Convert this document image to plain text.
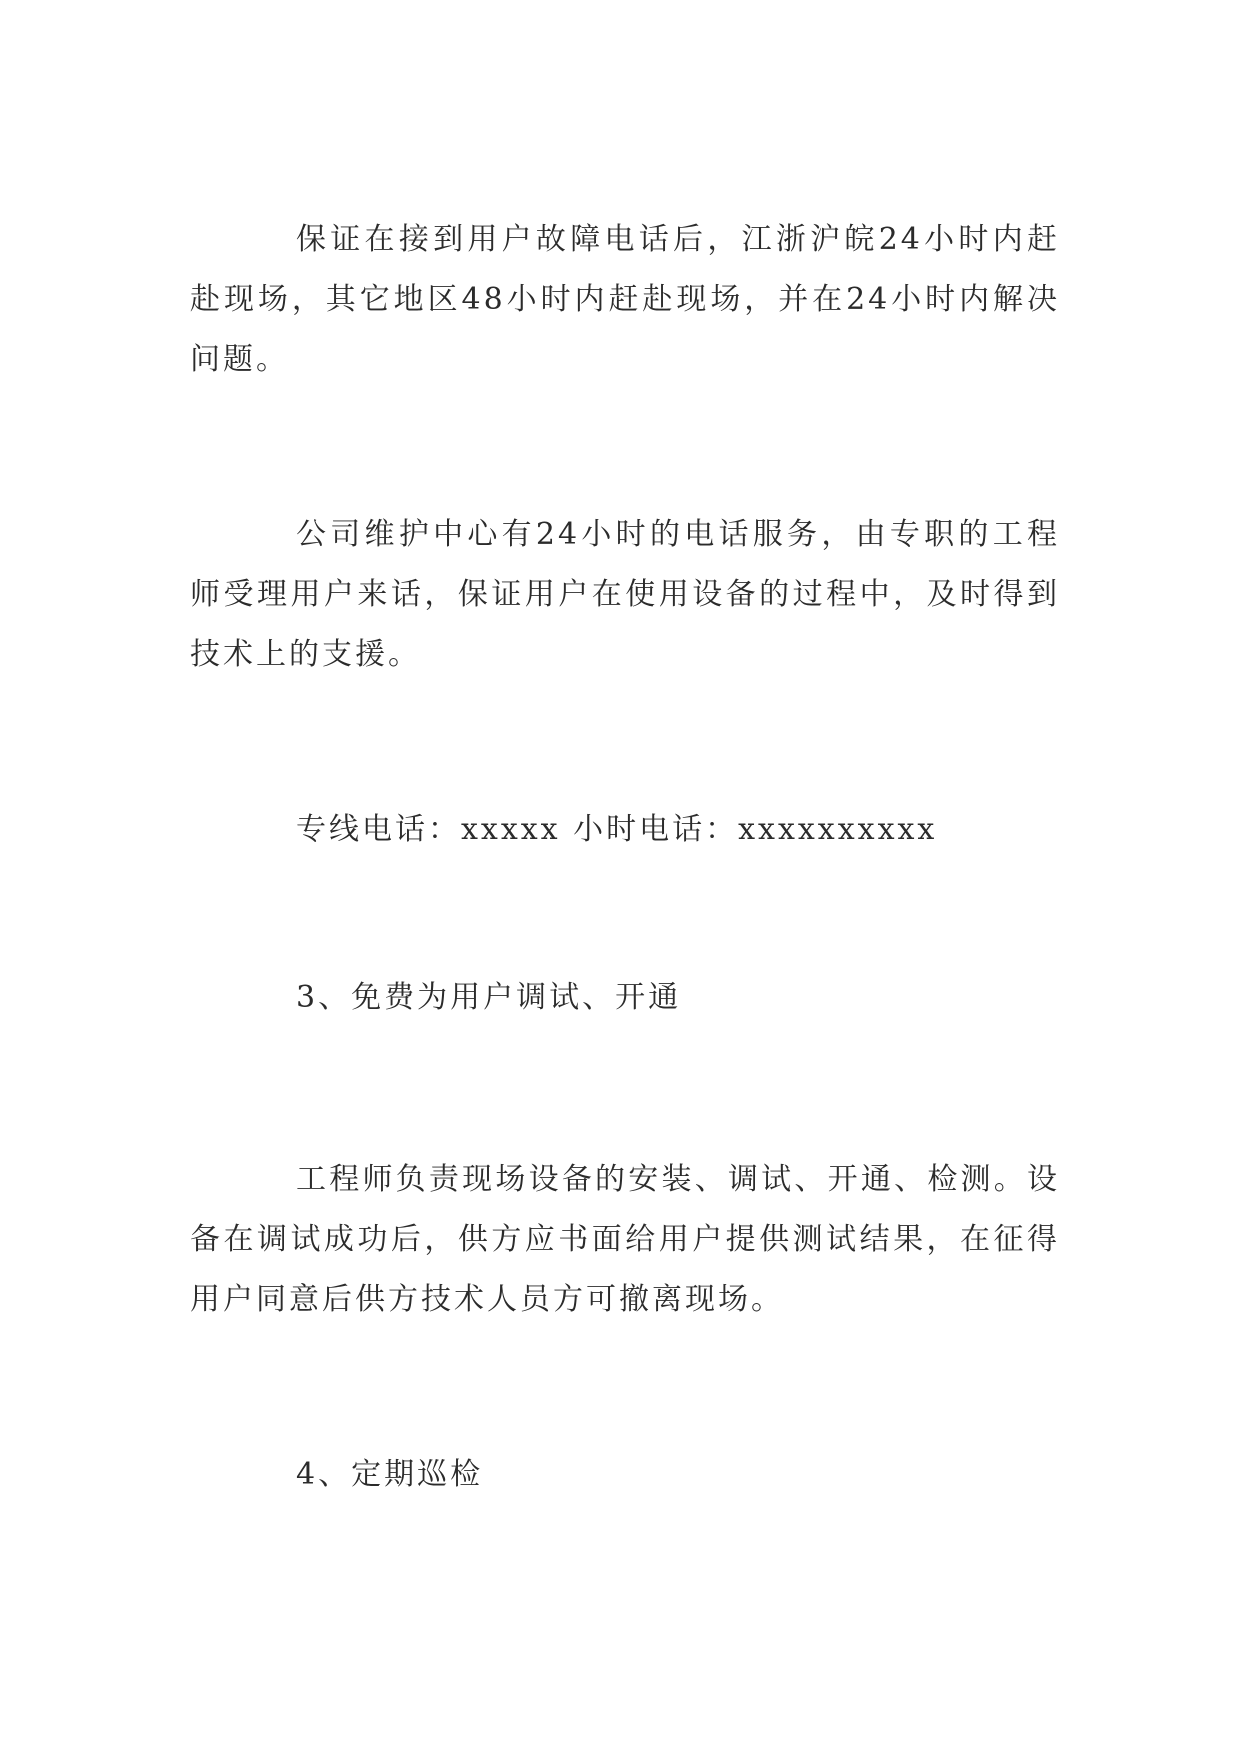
保证在接到用户故障电话后，江浙沪皖24小时内赶赴现场，其它地区48小时内赶赴现场，并在24小时内解决问题。

公司维护中心有24小时的电话服务，由专职的工程师受理用户来话，保证用户在使用设备的过程中，及时得到技术上的支援。

专线电话：xxxxx 小时电话：xxxxxxxxxx

3、免费为用户调试、开通

工程师负责现场设备的安装、调试、开通、检测。设备在调试成功后，供方应书面给用户提供测试结果，在征得用户同意后供方技术人员方可撤离现场。

4、定期巡检
